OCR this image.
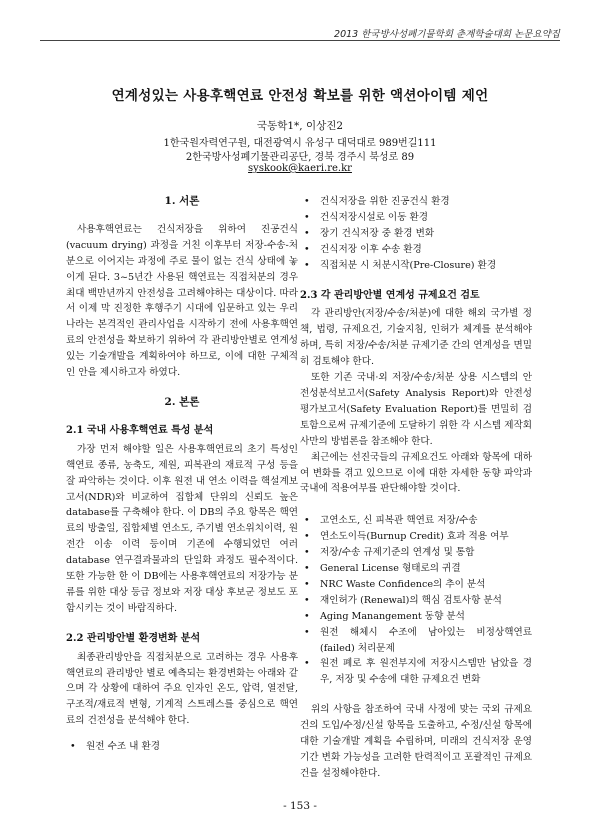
2013 한국방사성폐기물학회 춘계학술대회 논문요약집
연계성있는 사용후핵연료 안전성 확보를 위한 액션아이템 제언
국동학1*, 이상진2
1한국원자력연구원, 대전광역시 유성구 대덕대로 989번길111
2한국방사성폐기물관리공단, 경북 경주시 북성로 89
syskook@kaeri.re.kr
1. 서론

사용후핵연료는 건식저장을 위하여 진공건식 (vacuum drying) 과정을 거친 이후부터 저장-수송-처분으로 이어지는 과정에 주로 물이 없는 건식 상태에 놓이게 된다. 3~5년간 사용된 핵연료는 직접처분의 경우 최대 백만년까지 안전성을 고려해야하는 대상이다. 따라서 이제 막 진정한 후행주기 시대에 입문하고 있는 우리나라는 본격적인 관리사업을 시작하기 전에 사용후핵연료의 안전성을 확보하기 위하여 각 관리방안별로 연계성 있는 기술개발을 계획하여야 하므로, 이에 대한 구체적인 안을 제시하고자 하였다.

2. 본론
2.1 국내 사용후핵연료 특성 분석

가장 먼저 해야할 일은 사용후핵연료의 초기 특성인 핵연료 종류, 농축도, 제원, 피복관의 재료적 구성 등을 잘 파악하는 것이다. 이후 원전 내 연소 이력을 핵설계보고서(NDR)와 비교하여 집합체 단위의 신뢰도 높은 database를 구축해야 한다. 이 DB의 주요 항목은 핵연료의 방출일, 집합체별 연소도, 주기별 연소위치이력, 원전간 이송 이력 등이며 기존에 수행되었던 여러 database 연구결과물과의 단일화 과정도 필수적이다. 또한 가능한 한 이 DB에는 사용후핵연료의 저장가능 분류를 위한 대상 등급 정보와 저장 대상 후보군 정보도 포함시키는 것이 바람직하다.

2.2 관리방안별 환경변화 분석

최종관리방안을 직접처분으로 고려하는 경우 사용후핵연료의 관리방안 별로 예측되는 환경변화는 아래와 같으며 각 상황에 대하여 주요 인자인 온도, 압력, 열전달, 구조적/재료적 변형, 기계적 스트레스를 중심으로 핵연료의 건전성을 분석해야 한다.

• 원전 수조 내 환경
• 건식저장을 위한 진공건식 환경
• 건식저장시설로 이동 환경
• 장기 건식저장 중 환경 변화
• 건식저장 이후 수송 환경
• 직접처분 시 처분시작(Pre-Closure) 환경
2.3 각 관리방안별 연계성 규제요건 검토

각 관리방안(저장/수송/처분)에 대한 해외 국가별 정책, 법령, 규제요건, 기술지침, 인허가 체계를 분석해야 하며, 특히 저장/수송/처분 규제기준 간의 연계성을 면밀히 검토해야 한다.

또한 기존 국내·외 저장/수송/처분 상용 시스템의 안전성분석보고서(Safety Analysis Report)와 안전성평가보고서(Safety Evaluation Report)를 면밀히 검토함으로써 규제기준에 도달하기 위한 각 시스템 제작회사만의 방법론을 참조해야 한다.

최근에는 선진국들의 규제요건도 아래와 항목에 대하여 변화를 겪고 있으므로 이에 대한 자세한 동향 파악과 국내에 적용여부를 판단해야할 것이다.

• 고연소도, 신 피복관 핵연료 저장/수송
• 연소도이득(Burnup Credit) 효과 적용 여부
• 저장/수송 규제기준의 연계성 및 통합
• General License 형태로의 귀결
• NRC Waste Confidence의 추이 분석
• 재인허가 (Renewal)의 핵심 검토사항 분석
• Aging Manangement 동향 분석
• 원전 해체시 수조에 남아있는 비정상핵연료 (failed) 처리문제
• 원전 폐로 후 원전부지에 저장시스템만 남았을 경우, 저장 및 수송에 대한 규제요건 변화

위의 사항을 참조하여 국내 사정에 맞는 국외 규제요건의 도입/수정/신설 항목을 도출하고, 수정/신설 항목에 대한 기술개발 계획을 수립하며, 미래의 건식저장 운영기간 변화 가능성을 고려한 탄력적이고 포괄적인 규제요건을 설정해야한다.

- 153 -
